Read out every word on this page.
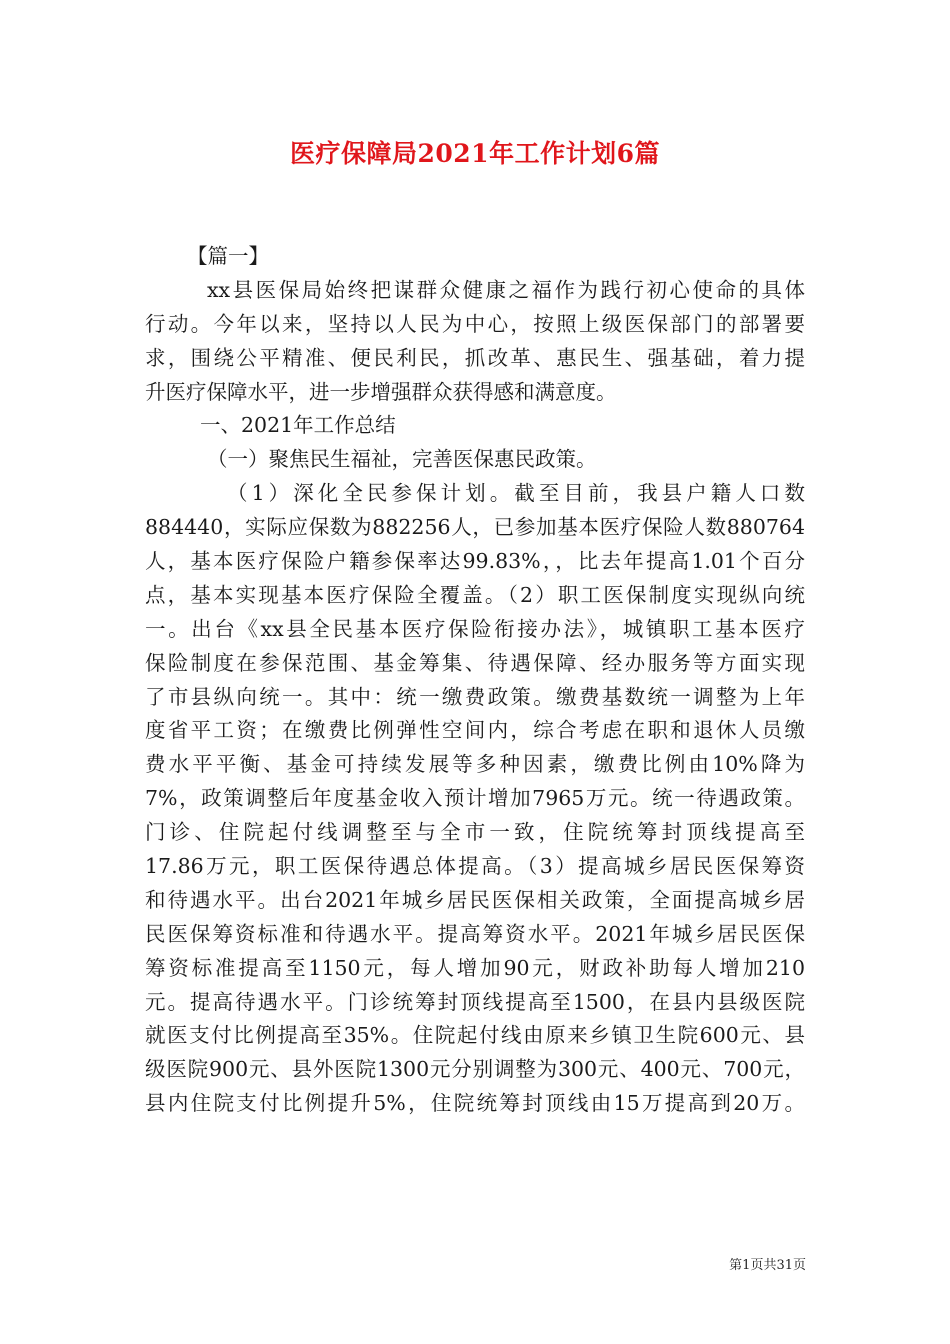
医疗保障局2021年工作计划6篇
【篇一】
xx县医保局始终把谋群众健康之福作为践行初心使命的具体
行动。今年以来，坚持以人民为中心，按照上级医保部门的部署要
求，围绕公平精准、便民利民，抓改革、惠民生、强基础，着力提
升医疗保障水平，进一步增强群众获得感和满意度。
一、2021年工作总结
（一）聚焦民生福祉，完善医保惠民政策。
（1）深化全民参保计划。截至目前，我县户籍人口数
884440，实际应保数为882256人，已参加基本医疗保险人数880764
人，基本医疗保险户籍参保率达99.83%，，比去年提高1.01个百分
点，基本实现基本医疗保险全覆盖。（2）职工医保制度实现纵向统
一。出台《xx县全民基本医疗保险衔接办法》，城镇职工基本医疗
保险制度在参保范围、基金筹集、待遇保障、经办服务等方面实现
了市县纵向统一。其中：统一缴费政策。缴费基数统一调整为上年
度省平工资；在缴费比例弹性空间内，综合考虑在职和退休人员缴
费水平平衡、基金可持续发展等多种因素，缴费比例由10%降为
7%，政策调整后年度基金收入预计增加7965万元。统一待遇政策。
门诊、住院起付线调整至与全市一致，住院统筹封顶线提高至
17.86万元，职工医保待遇总体提高。（3）提高城乡居民医保筹资
和待遇水平。出台2021年城乡居民医保相关政策，全面提高城乡居
民医保筹资标准和待遇水平。提高筹资水平。2021年城乡居民医保
筹资标准提高至1150元，每人增加90元，财政补助每人增加210
元。提高待遇水平。门诊统筹封顶线提高至1500，在县内县级医院
就医支付比例提高至35%。住院起付线由原来乡镇卫生院600元、县
级医院900元、县外医院1300元分别调整为300元、400元、700元，
县内住院支付比例提升5%，住院统筹封顶线由15万提高到20万。
第1页共31页
